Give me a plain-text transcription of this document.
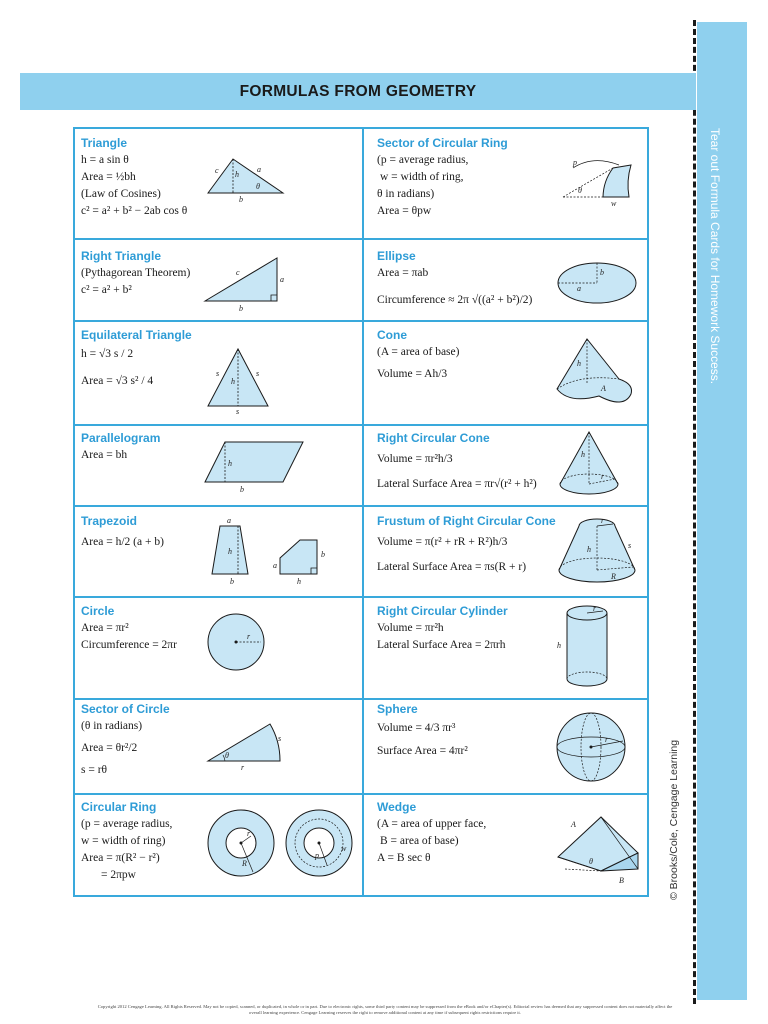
Tear out Formula Cards for Homework Success.
© Brooks/Cole, Cengage Learning
FORMULAS FROM GEOMETRY
Triangle
h = a sin θ
Area = ½bh
(Law of Cosines)
c² = a² + b² − 2ab cos θ
c h
a
θ
b
Right Triangle
(Pythagorean Theorem)
c² = a² + b²
c
a
b
Equilateral Triangle
h = √3 s / 2
Area = √3 s² / 4
s
h
s
s
Parallelogram
Area = bh
h
b
Trapezoid
Area = h/2 (a + b)
a
h
b
b
a
h
Circle
Area = πr²
Circumference = 2πr
r
Sector of Circle
(θ in radians)
Area = θr²/2
s = rθ
θ
s
r
Circular Ring
(p = average radius,
w = width of ring)
Area = π(R² − r²)
= 2πpw
r
R
p
w
Sector of Circular Ring
(p = average radius,
w = width of ring,
θ in radians)
Area = θpw
p
θ
w
Ellipse
Area = πab
Circumference ≈ 2π √((a² + b²)/2)
b
a
Cone
(A = area of base)
Volume = Ah/3
h
A
Right Circular Cone
Volume = πr²h/3
Lateral Surface Area = πr√(r² + h²)
h
r
Frustum of Right Circular Cone
Volume = π(r² + rR + R²)h/3
Lateral Surface Area = πs(R + r)
r
s
h
R
Right Circular Cylinder
Volume = πr²h
Lateral Surface Area = 2πrh
r
h
Sphere
Volume = 4/3 πr³
Surface Area = 4πr²
r
Wedge
(A = area of upper face,
B = area of base)
A = B sec θ
A
θ
B
Copyright 2012 Cengage Learning. All Rights Reserved. May not be copied, scanned, or duplicated, in whole or in part. Due to electronic rights, some third party content may be suppressed from the eBook and/or eChapter(s). Editorial review has deemed that any suppressed content does not materially affect the overall learning experience. Cengage Learning reserves the right to remove additional content at any time if subsequent rights restrictions require it.
